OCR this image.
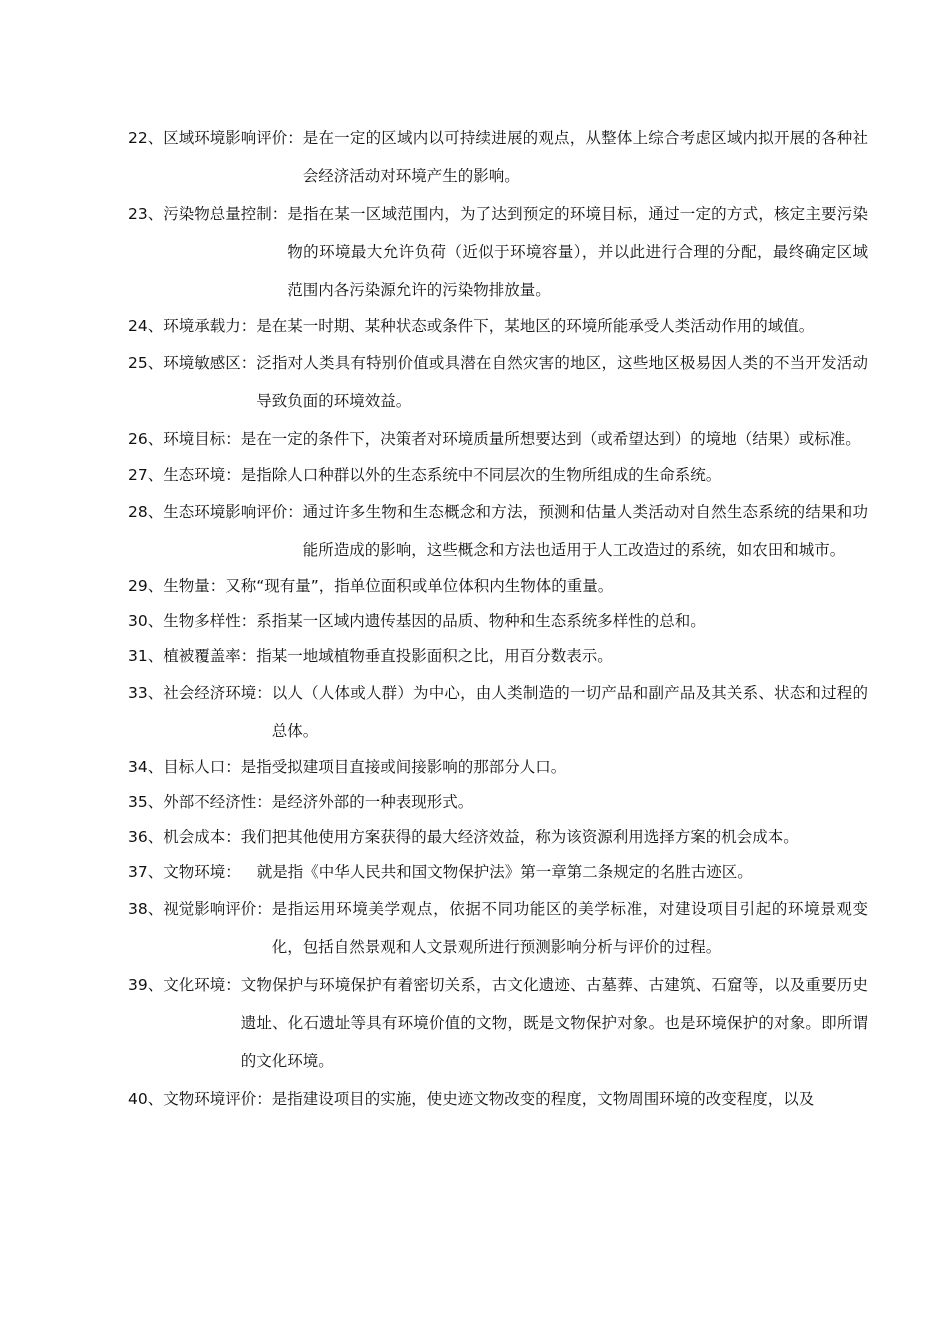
22、 区域环境影响评价： 是在一定的区域内以可持续进展的观点，从整体上综合考虑区域内拟开展的各种社会经济活动对环境产生的影响。
23、 污染物总量控制： 是指在某一区域范围内，为了达到预定的环境目标，通过一定的方式，核定主要污染物的环境最大允许负荷（近似于环境容量），并以此进行合理的分配，最终确定区域范围内各污染源允许的污染物排放量。
24、 环境承载力： 是在某一时期、某种状态或条件下，某地区的环境所能承受人类活动作用的域值。
25、 环境敏感区： 泛指对人类具有特别价值或具潜在自然灾害的地区，这些地区极易因人类的不当开发活动导致负面的环境效益。
26、 环境目标： 是在一定的条件下，决策者对环境质量所想要达到（或希望达到）的境地（结果）或标准。
27、 生态环境： 是指除人口种群以外的生态系统中不同层次的生物所组成的生命系统。
28、 生态环境影响评价： 通过许多生物和生态概念和方法，预测和估量人类活动对自然生态系统的结果和功能所造成的影响，这些概念和方法也适用于人工改造过的系统，如农田和城市。
29、 生物量： 又称“现有量”，指单位面积或单位体积内生物体的重量。
30、 生物多样性： 系指某一区域内遗传基因的品质、物种和生态系统多样性的总和。
31、 植被覆盖率： 指某一地域植物垂直投影面积之比，用百分数表示。
33、 社会经济环境： 以人（人体或人群）为中心，由人类制造的一切产品和副产品及其关系、状态和过程的总体。
34、 目标人口： 是指受拟建项目直接或间接影响的那部分人口。
35、 外部不经济性： 是经济外部的一种表现形式。
36、 机会成本： 我们把其他使用方案获得的最大经济效益，称为该资源利用选择方案的机会成本。
37、 文物环境：	就是指《中华人民共和国文物保护法》第一章第二条规定的名胜古迹区。
38、 视觉影响评价： 是指运用环境美学观点，依据不同功能区的美学标准，对建设项目引起的环境景观变化，包括自然景观和人文景观所进行预测影响分析与评价的过程。
39、 文化环境： 文物保护与环境保护有着密切关系，古文化遗迹、古墓葬、古建筑、石窟等，以及重要历史遗址、化石遗址等具有环境价值的文物，既是文物保护对象。也是环境保护的对象。即所谓的文化环境。
40、 文物环境评价： 是指建设项目的实施，使史迹文物改变的程度，文物周围环境的改变程度，以及
